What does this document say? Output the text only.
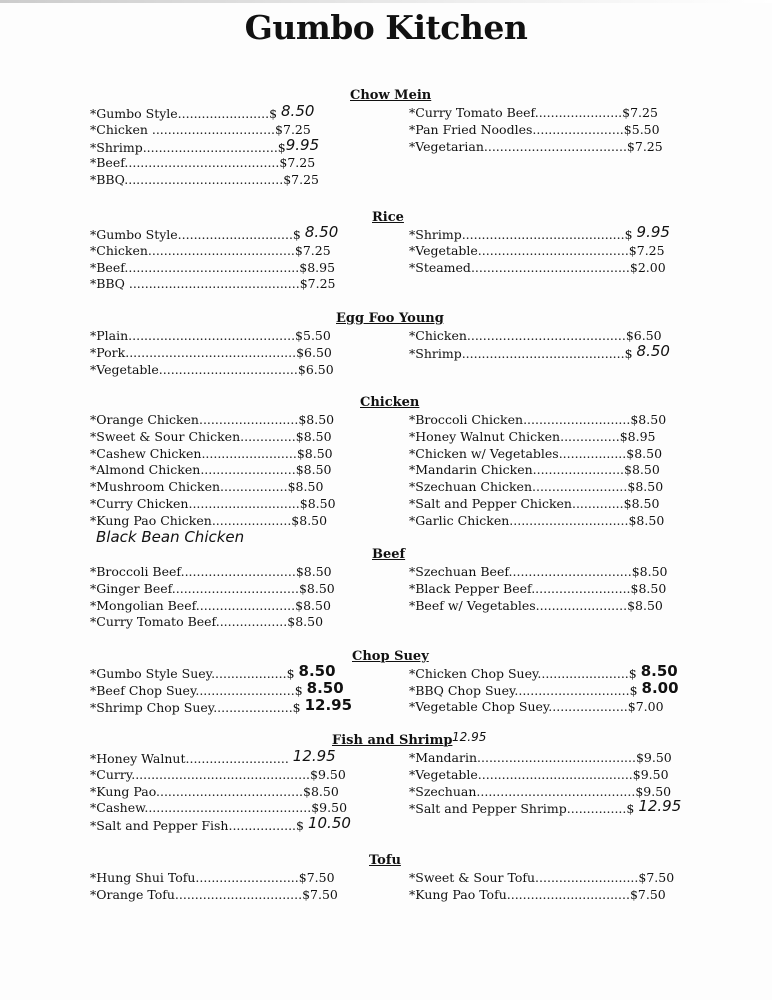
Gumbo Kitchen
Chow Mein
*Gumbo Style.......................$ 8.50
*Chicken ...............................$7.25
*Shrimp..................................$9.95
*Beef.......................................$7.25
*BBQ........................................$7.25
*Curry Tomato Beef......................$7.25
*Pan Fried Noodles.......................$5.50
*Vegetarian....................................$7.25
Rice
*Gumbo Style.............................$ 8.50
*Chicken.....................................$7.25
*Beef............................................$8.95
*BBQ ...........................................$7.25
*Shrimp.........................................$ 9.95
*Vegetable......................................$7.25
*Steamed........................................$2.00
Egg Foo Young
*Plain..........................................$5.50
*Pork...........................................$6.50
*Vegetable...................................$6.50
*Chicken........................................$6.50
*Shrimp.........................................$ 8.50
Chicken
*Orange Chicken.........................$8.50
*Sweet & Sour Chicken..............$8.50
*Cashew Chicken........................$8.50
*Almond Chicken........................$8.50
*Mushroom Chicken.................$8.50
*Curry Chicken............................$8.50
*Kung Pao Chicken....................$8.50
*Broccoli Chicken...........................$8.50
*Honey Walnut Chicken...............$8.95
*Chicken w/ Vegetables.................$8.50
*Mandarin Chicken.......................$8.50
*Szechuan Chicken........................$8.50
*Salt and Pepper Chicken.............$8.50
*Garlic Chicken..............................$8.50
Black Bean Chicken
Beef
*Broccoli Beef.............................$8.50
*Ginger Beef................................$8.50
*Mongolian Beef.........................$8.50
*Curry Tomato Beef..................$8.50
*Szechuan Beef...............................$8.50
*Black Pepper Beef.........................$8.50
*Beef w/ Vegetables.......................$8.50
Chop Suey
*Gumbo Style Suey...................$ 8.50
*Beef Chop Suey.........................$ 8.50
*Shrimp Chop Suey....................$ 12.95
*Chicken Chop Suey.......................$ 8.50
*BBQ Chop Suey.............................$ 8.00
*Vegetable Chop Suey....................$7.00
Fish and Shrimp 12.95
*Honey Walnut.......................... 12.95
*Curry.............................................$9.50
*Kung Pao.....................................$8.50
*Cashew..........................................$9.50
*Salt and Pepper Fish.................$ 10.50
*Mandarin........................................$9.50
*Vegetable.......................................$9.50
*Szechuan........................................$9.50
*Salt and Pepper Shrimp...............$ 12.95
Tofu
*Hung Shui Tofu..........................$7.50
*Orange Tofu................................$7.50
*Sweet & Sour Tofu..........................$7.50
*Kung Pao Tofu...............................$7.50
